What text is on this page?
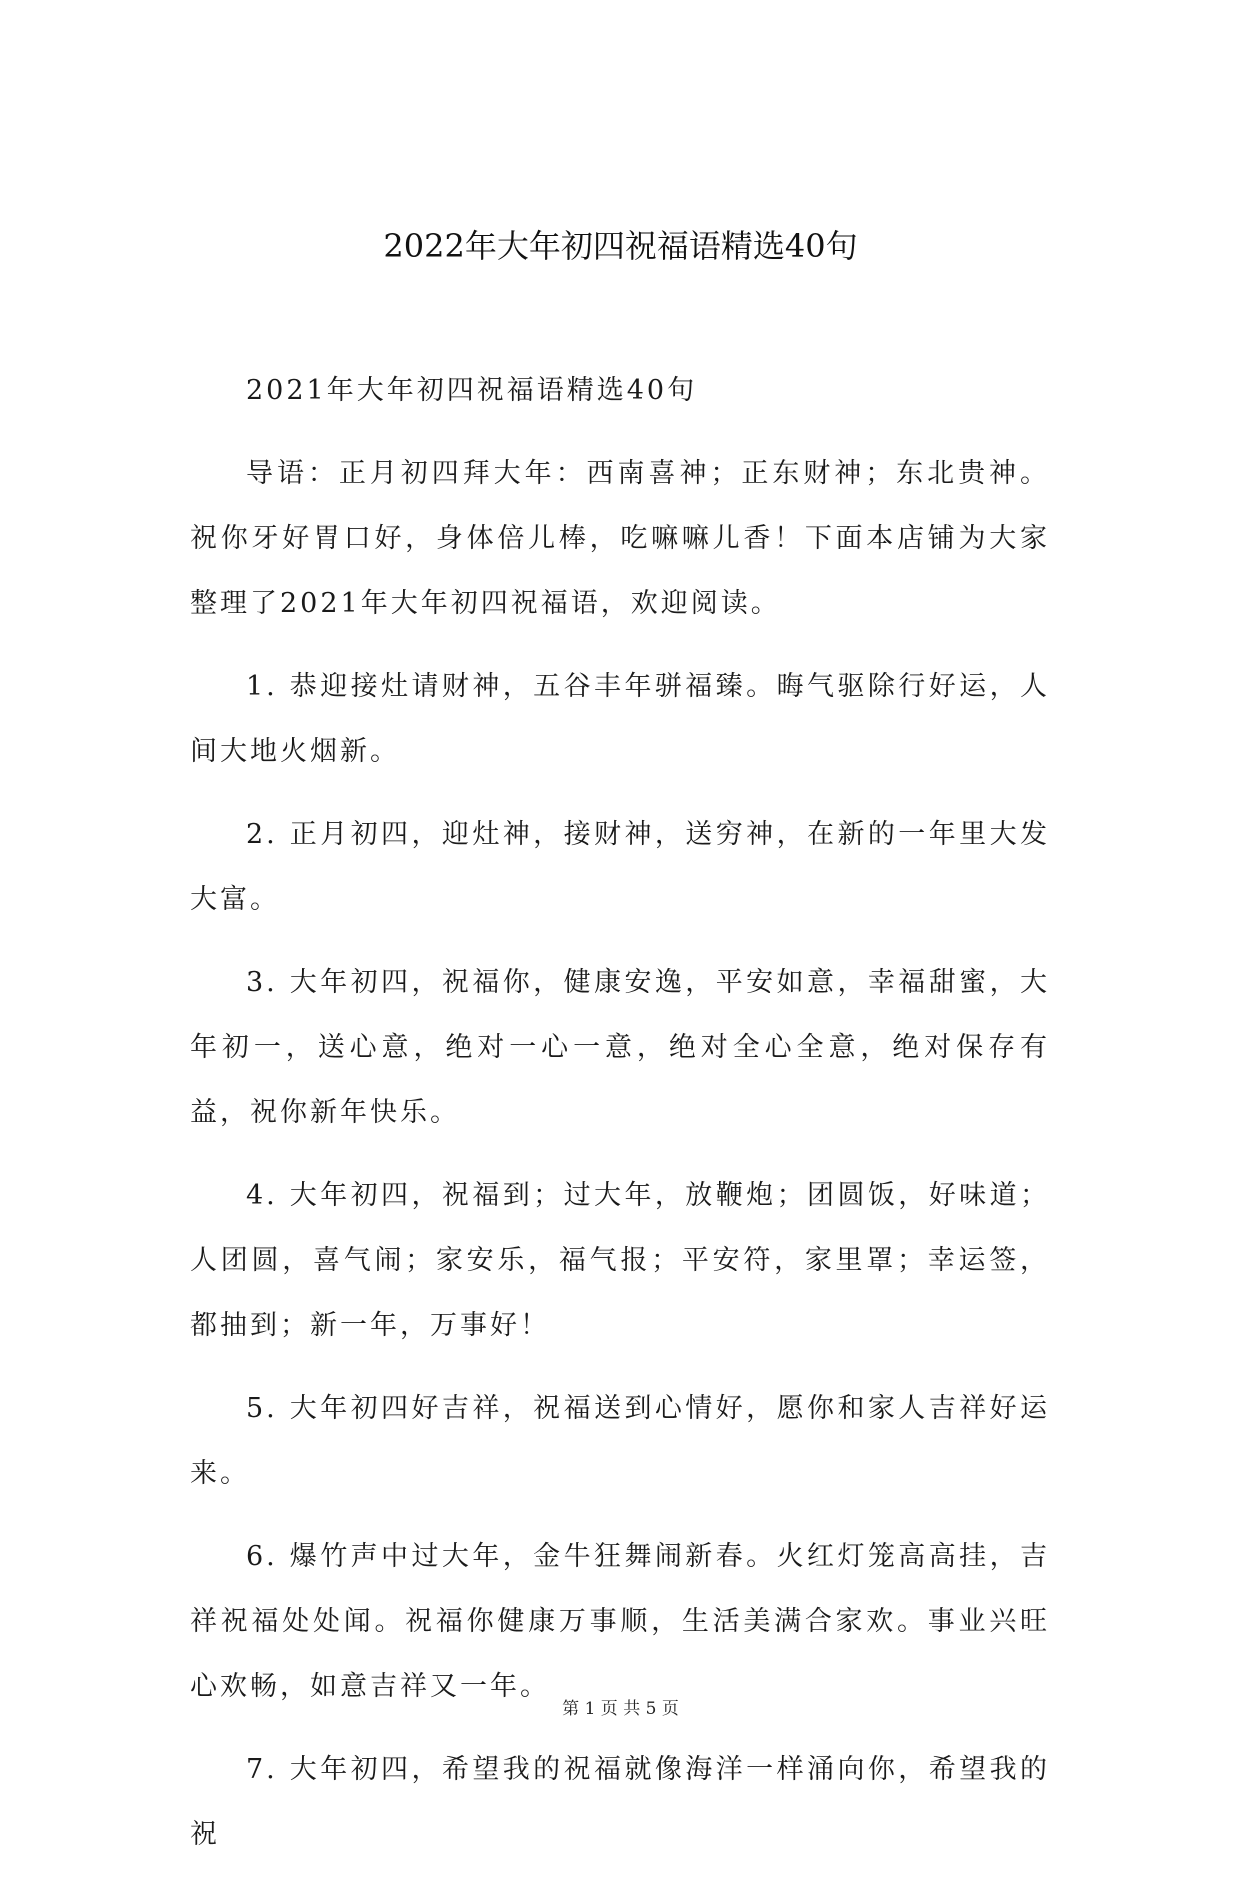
2022年大年初四祝福语精选40句

2021年大年初四祝福语精选40句

导语：正月初四拜大年：西南喜神；正东财神；东北贵神。祝你牙好胃口好，身体倍儿棒，吃嘛嘛儿香！下面本店铺为大家整理了2021年大年初四祝福语，欢迎阅读。

1. 恭迎接灶请财神，五谷丰年骈福臻。晦气驱除行好运，人间大地火烟新。

2. 正月初四，迎灶神，接财神，送穷神，在新的一年里大发大富。

3. 大年初四，祝福你，健康安逸，平安如意，幸福甜蜜，大年初一，送心意，绝对一心一意，绝对全心全意，绝对保存有益，祝你新年快乐。

4. 大年初四，祝福到；过大年，放鞭炮；团圆饭，好味道；人团圆，喜气闹；家安乐，福气报；平安符，家里罩；幸运签，都抽到；新一年，万事好！

5. 大年初四好吉祥，祝福送到心情好，愿你和家人吉祥好运来。

6. 爆竹声中过大年，金牛狂舞闹新春。火红灯笼高高挂，吉祥祝福处处闻。祝福你健康万事顺，生活美满合家欢。事业兴旺心欢畅，如意吉祥又一年。

7. 大年初四，希望我的祝福就像海洋一样涌向你，希望我的祝

第 1 页 共 5 页
